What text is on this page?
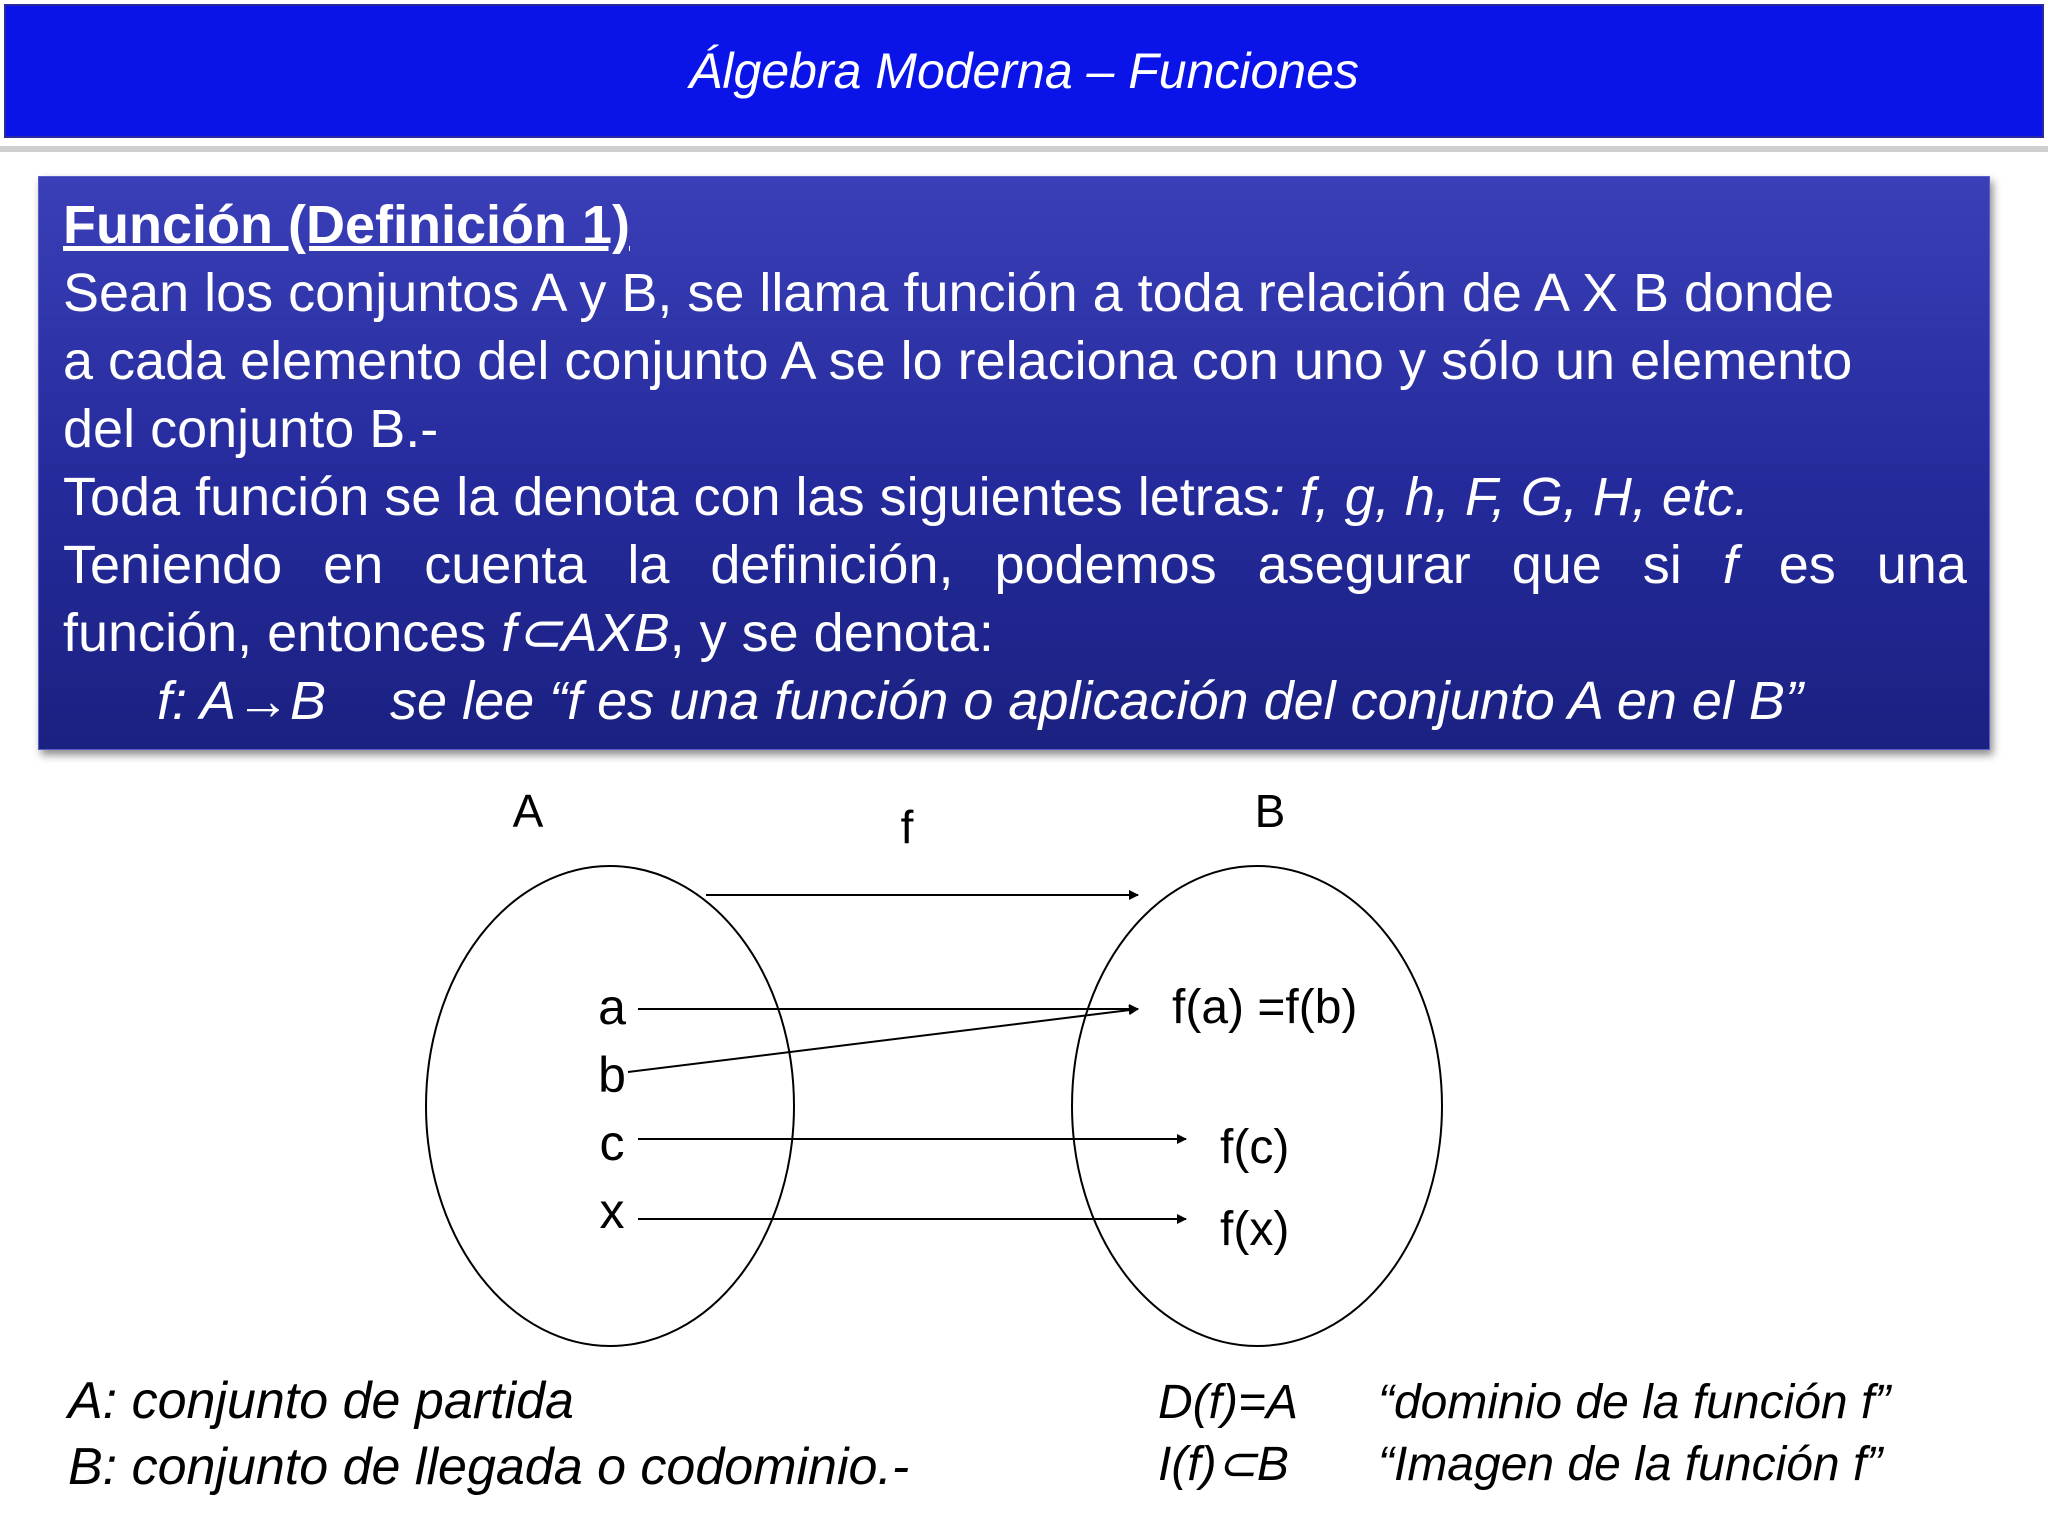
Álgebra Moderna – Funciones
Función (Definición 1)
Sean los conjuntos A y B, se llama función a toda relación de A X B donde
a cada elemento del conjunto A se lo relaciona con uno y sólo un elemento
del conjunto B.-
Toda función se la denota con las siguientes letras: f, g, h, F, G, H, etc.
Teniendo en cuenta la definición, podemos asegurar que si f es una
función, entonces f⊂AXB, y se denota:
f: A→B se lee “f es una función o aplicación del conjunto A en el B”
A	B
f
a
b
c
x
f(a) =f(b)
f(c)
f(x)
A: conjunto de partida
B: conjunto de llegada o codominio.-
D(f)=A	“dominio de la función f”
I(f)⊂B	“Imagen de la función f”
